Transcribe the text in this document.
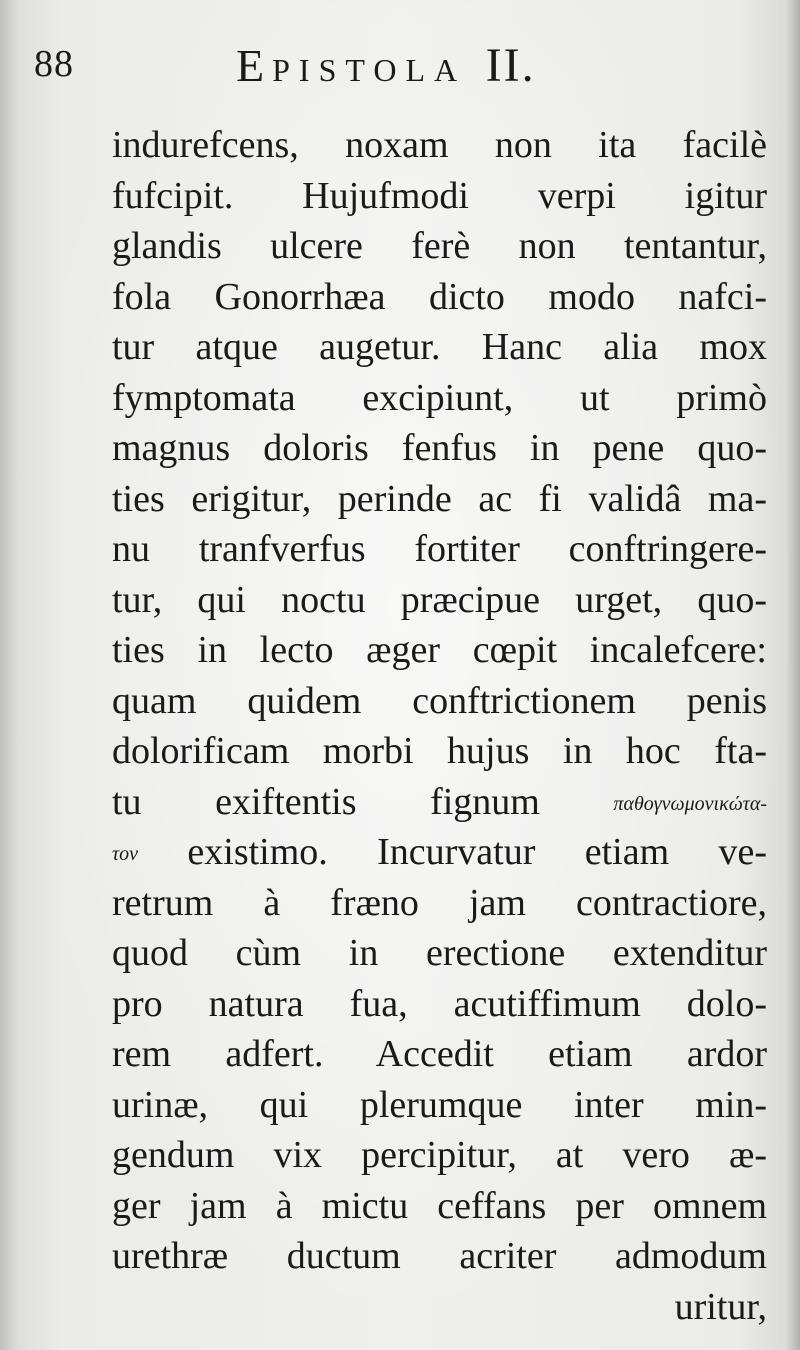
88	EPISTOLA II.
indurefcens, noxam non ita facilè
fufcipit. Hujufmodi verpi igitur
glandis ulcere ferè non tentantur,
fola Gonorrhæa dicto modo nafci-
tur atque augetur. Hanc alia mox
fymptomata excipiunt, ut primò
magnus doloris fenfus in pene quo-
ties erigitur, perinde ac fi validâ ma-
nu tranfverfus fortiter conftringere-
tur, qui noctu præcipue urget, quo-
ties in lecto æger cœpit incalefcere:
quam quidem conftrictionem penis
dolorificam morbi hujus in hoc fta-
tu exiftentis fignum	παθογνωμονικώτα-
τον existimo. Incurvatur etiam ve-
retrum à fræno jam contractiore,
quod cùm in erectione extenditur
pro natura fua, acutiffimum dolo-
rem adfert. Accedit etiam ardor
urinæ, qui plerumque inter min-
gendum vix percipitur, at vero æ-
ger jam à mictu ceffans per omnem
urethræ ductum acriter admodum
uritur,
